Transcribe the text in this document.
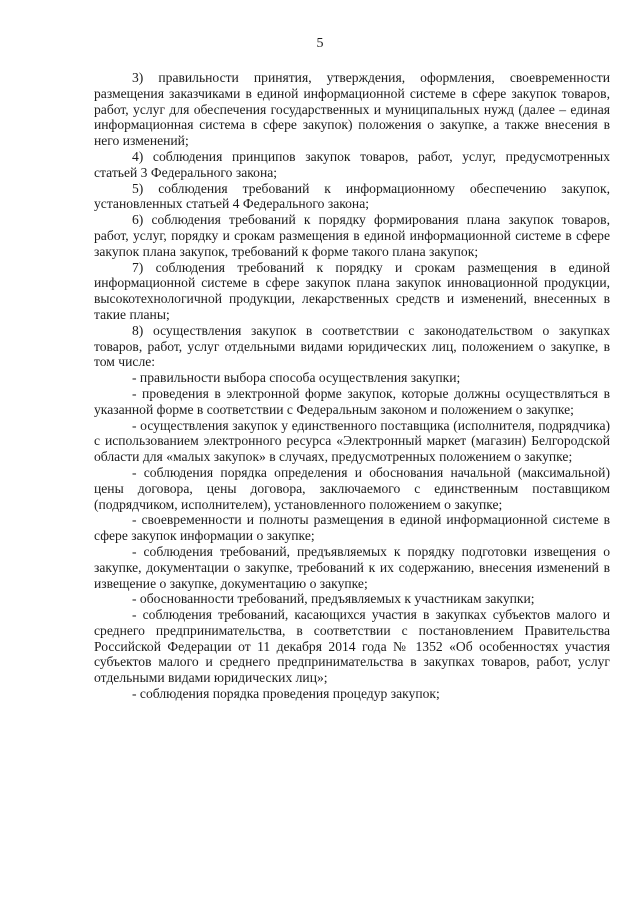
5

3) правильности принятия, утверждения, оформления, своевременности размещения заказчиками в единой информационной системе в сфере закупок товаров, работ, услуг для обеспечения государственных и муниципальных нужд (далее – единая информационная система в сфере закупок) положения о закупке, а также внесения в него изменений;

4) соблюдения принципов закупок товаров, работ, услуг, предусмотренных статьей 3 Федерального закона;

5) соблюдения требований к информационному обеспечению закупок, установленных статьей 4 Федерального закона;

6) соблюдения требований к порядку формирования плана закупок товаров, работ, услуг, порядку и срокам размещения в единой информационной системе в сфере закупок плана закупок, требований к форме такого плана закупок;

7) соблюдения требований к порядку и срокам размещения в единой информационной системе в сфере закупок плана закупок инновационной продукции, высокотехнологичной продукции, лекарственных средств и изменений, внесенных в такие планы;

8) осуществления закупок в соответствии с законодательством о закупках товаров, работ, услуг отдельными видами юридических лиц, положением о закупке, в том числе:

- правильности выбора способа осуществления закупки;

- проведения в электронной форме закупок, которые должны осуществляться в указанной форме в соответствии с Федеральным законом и положением о закупке;

- осуществления закупок у единственного поставщика (исполнителя, подрядчика) с использованием электронного ресурса «Электронный маркет (магазин) Белгородской области для «малых закупок» в случаях, предусмотренных положением о закупке;

- соблюдения порядка определения и обоснования начальной (максимальной) цены договора, цены договора, заключаемого с единственным поставщиком (подрядчиком, исполнителем), установленного положением о закупке;

- своевременности и полноты размещения в единой информационной системе в сфере закупок информации о закупке;

- соблюдения требований, предъявляемых к порядку подготовки извещения о закупке, документации о закупке, требований к их содержанию, внесения изменений в извещение о закупке, документацию о закупке;

- обоснованности требований, предъявляемых к участникам закупки;

- соблюдения требований, касающихся участия в закупках субъектов малого и среднего предпринимательства, в соответствии с постановлением Правительства Российской Федерации от 11 декабря 2014 года № 1352 «Об особенностях участия субъектов малого и среднего предпринимательства в закупках товаров, работ, услуг отдельными видами юридических лиц»;

- соблюдения порядка проведения процедур закупок;
